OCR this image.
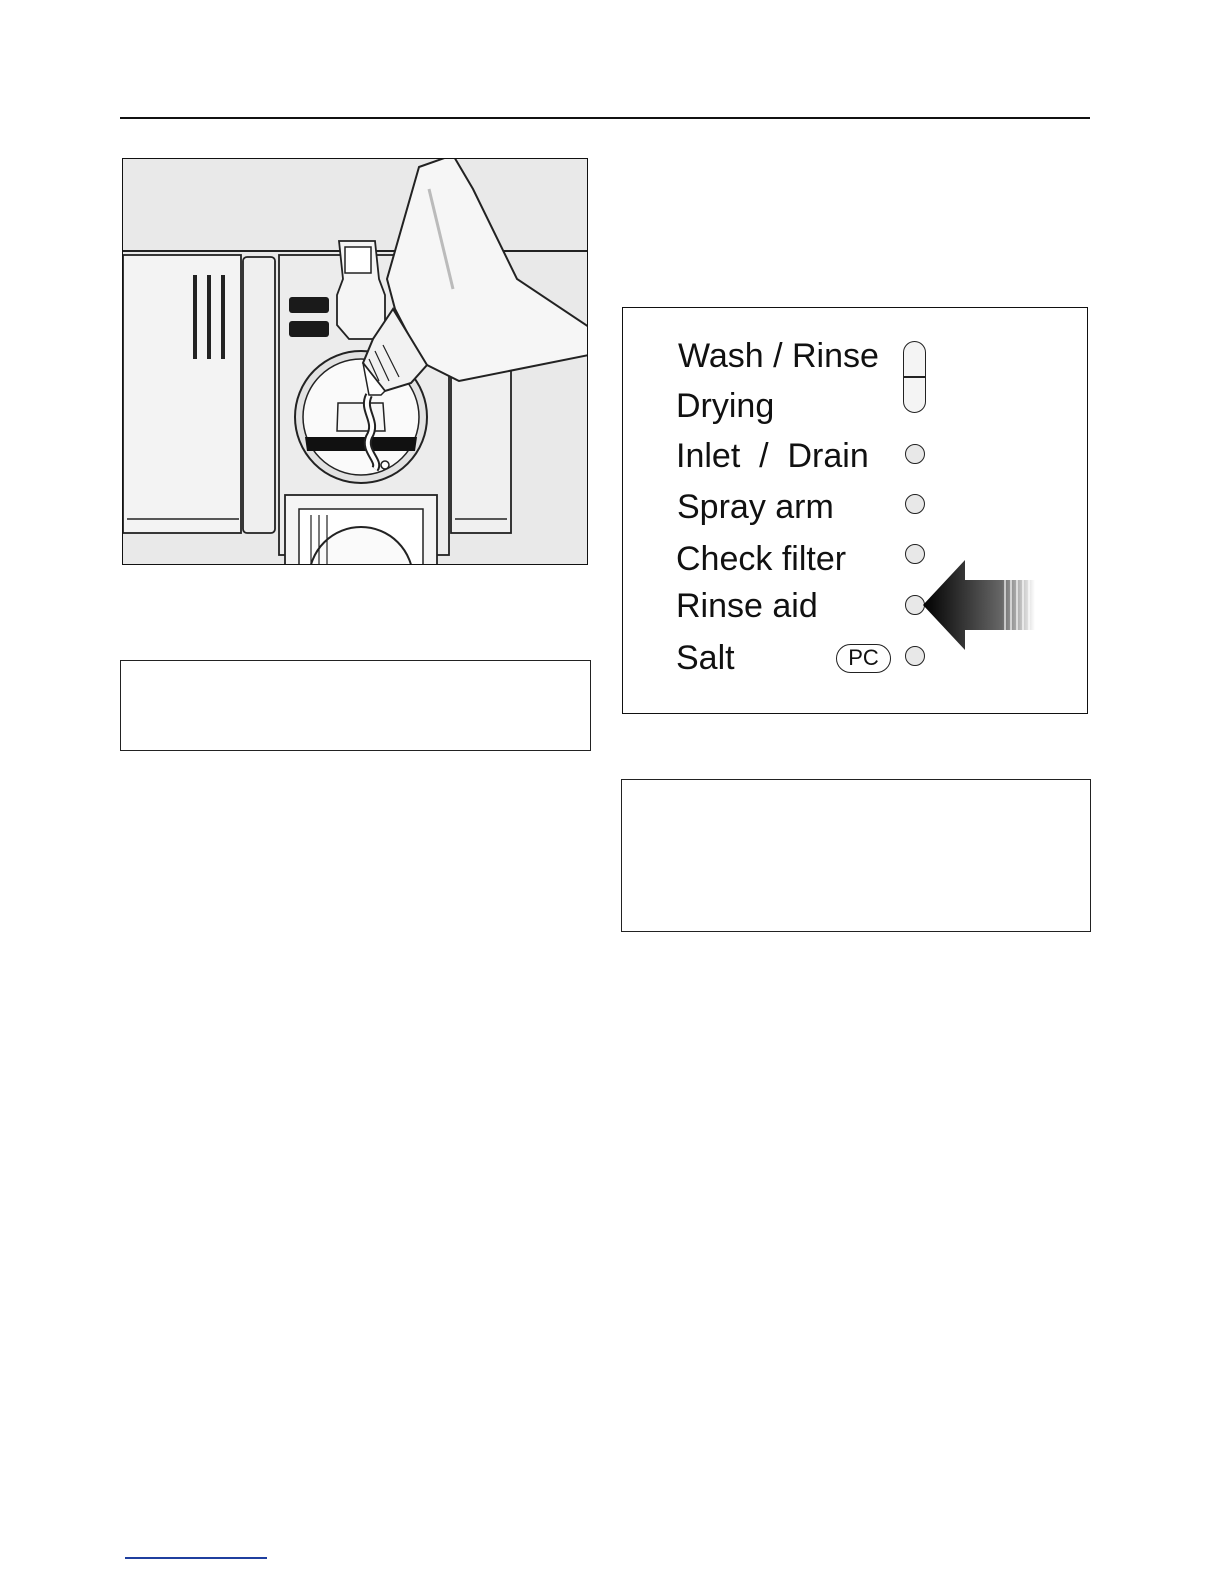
Wash / Rinse
Drying
Inlet  /  Drain
Spray arm
Check filter
Rinse aid
Salt	PC
